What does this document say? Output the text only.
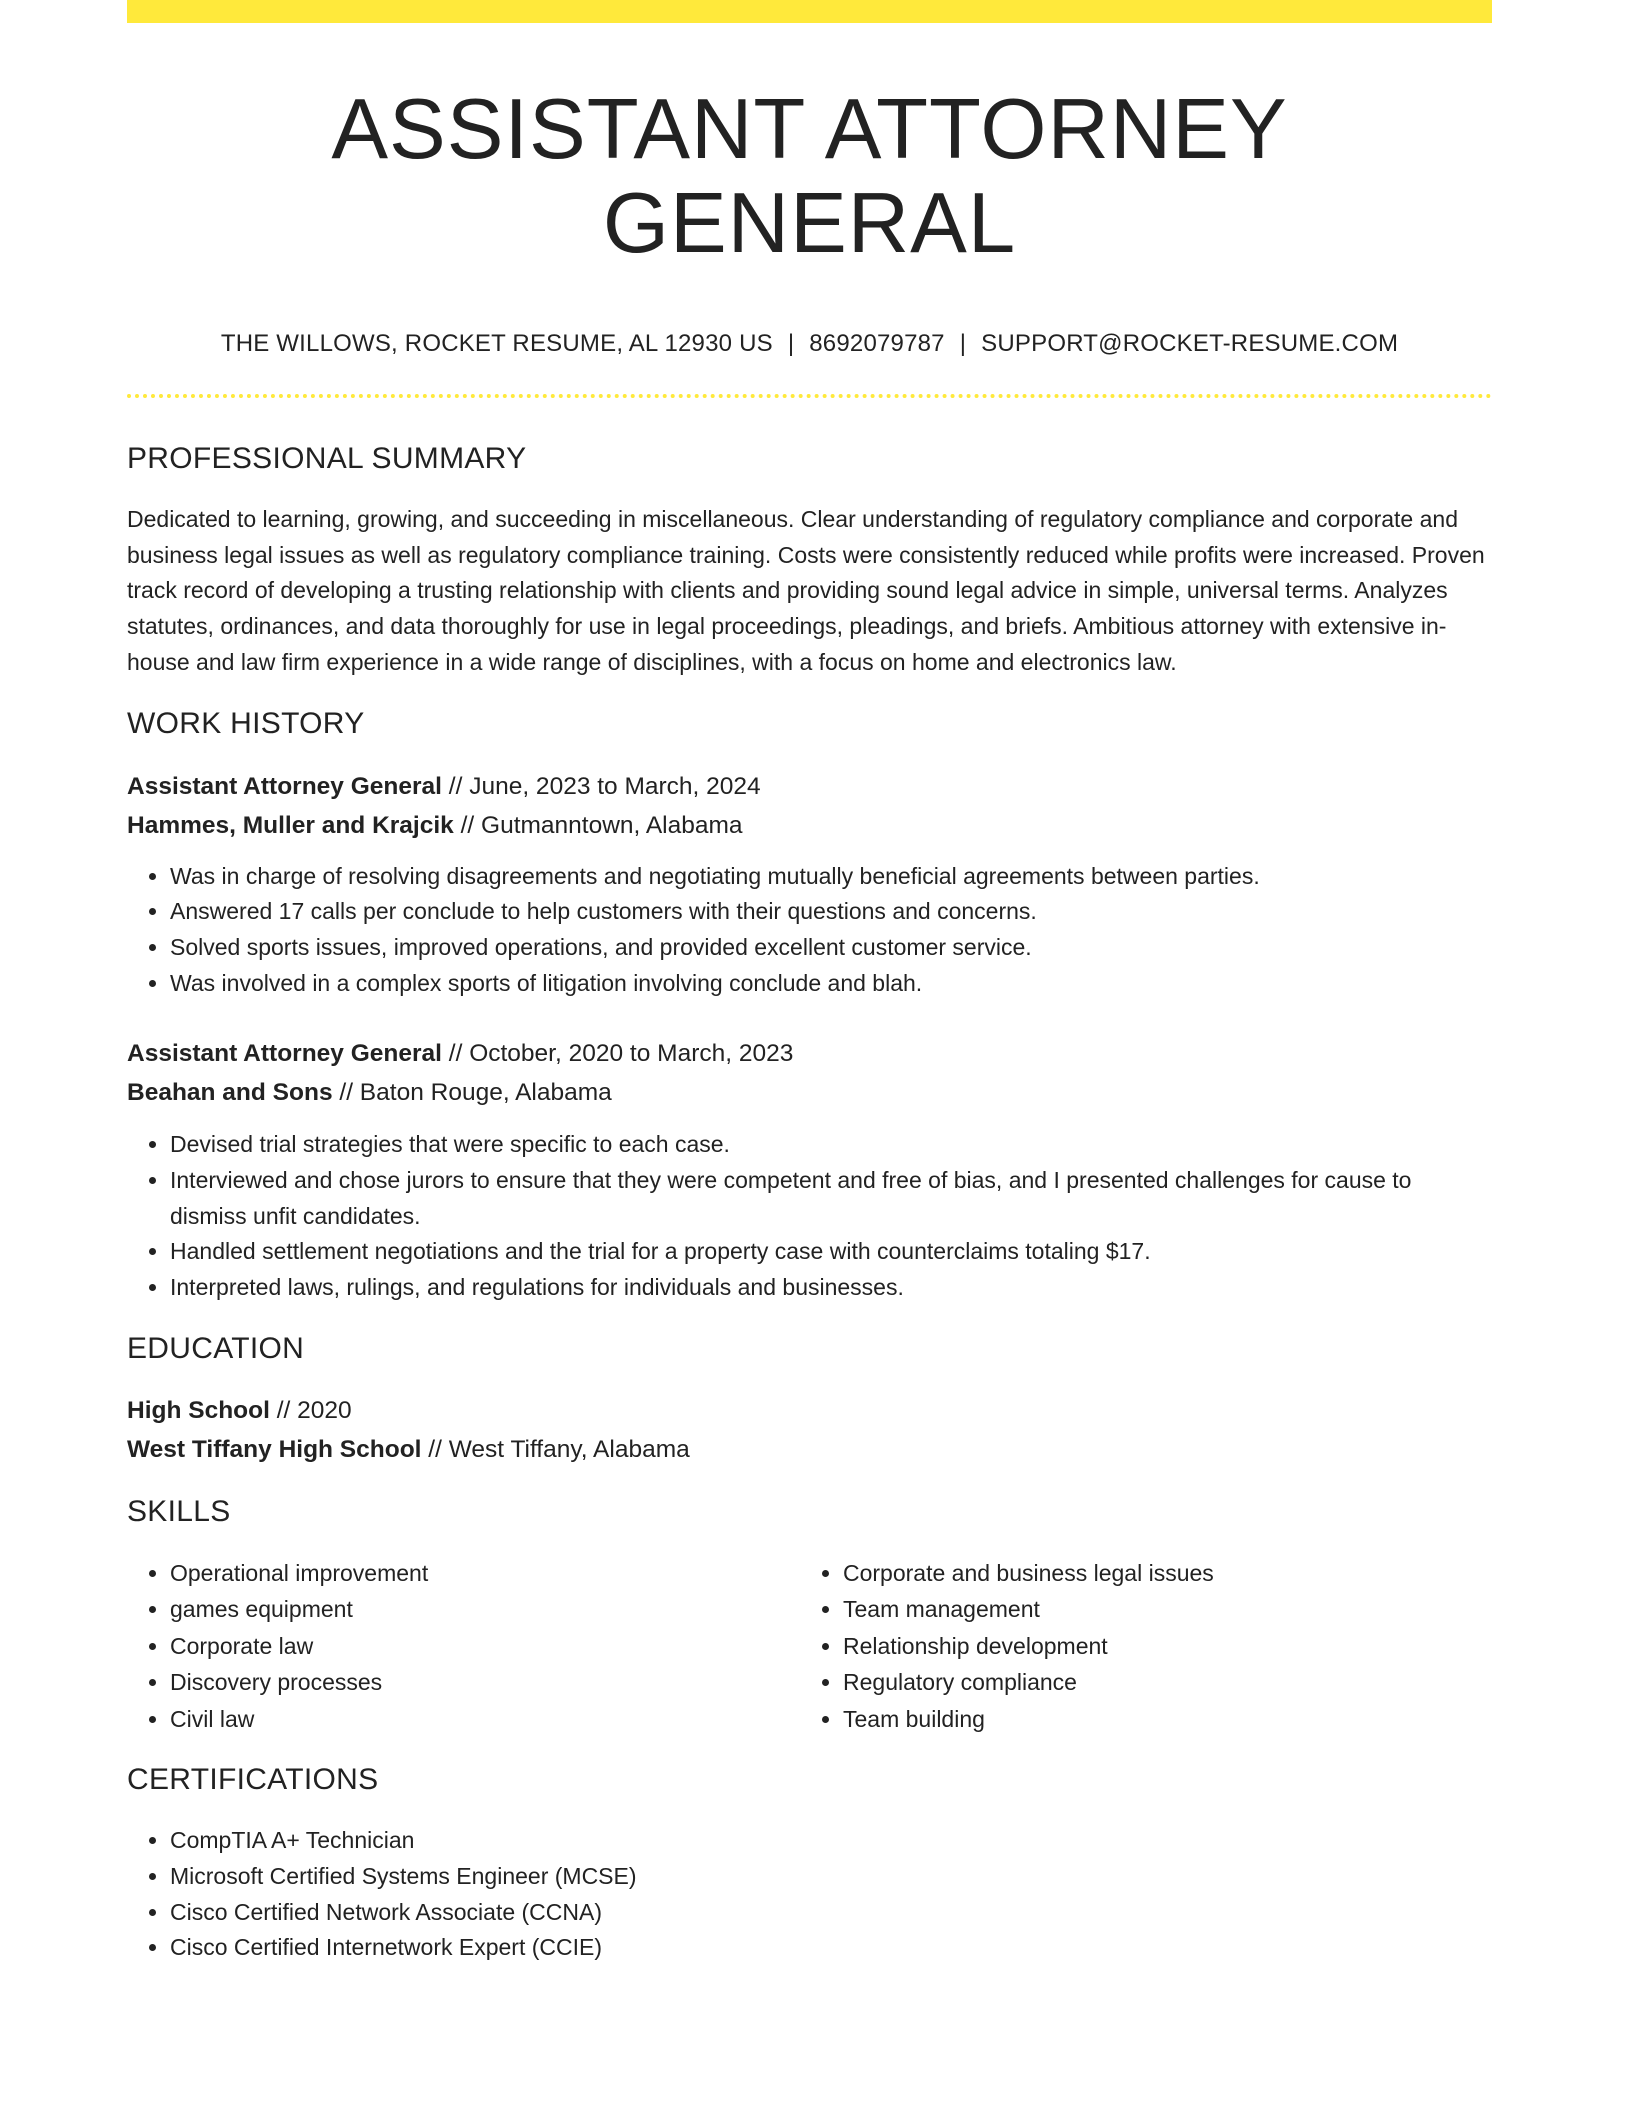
ASSISTANT ATTORNEY GENERAL
THE WILLOWS, ROCKET RESUME, AL 12930 US | 8692079787 | SUPPORT@ROCKET-RESUME.COM
PROFESSIONAL SUMMARY
Dedicated to learning, growing, and succeeding in miscellaneous. Clear understanding of regulatory compliance and corporate and business legal issues as well as regulatory compliance training. Costs were consistently reduced while profits were increased. Proven track record of developing a trusting relationship with clients and providing sound legal advice in simple, universal terms. Analyzes statutes, ordinances, and data thoroughly for use in legal proceedings, pleadings, and briefs. Ambitious attorney with extensive in-house and law firm experience in a wide range of disciplines, with a focus on home and electronics law.
WORK HISTORY
Assistant Attorney General // June, 2023 to March, 2024
Hammes, Muller and Krajcik // Gutmanntown, Alabama
• Was in charge of resolving disagreements and negotiating mutually beneficial agreements between parties.
• Answered 17 calls per conclude to help customers with their questions and concerns.
• Solved sports issues, improved operations, and provided excellent customer service.
• Was involved in a complex sports of litigation involving conclude and blah.
Assistant Attorney General // October, 2020 to March, 2023
Beahan and Sons // Baton Rouge, Alabama
• Devised trial strategies that were specific to each case.
• Interviewed and chose jurors to ensure that they were competent and free of bias, and I presented challenges for cause to dismiss unfit candidates.
• Handled settlement negotiations and the trial for a property case with counterclaims totaling $17.
• Interpreted laws, rulings, and regulations for individuals and businesses.
EDUCATION
High School // 2020
West Tiffany High School // West Tiffany, Alabama
SKILLS
• Operational improvement
• games equipment
• Corporate law
• Discovery processes
• Civil law
• Corporate and business legal issues
• Team management
• Relationship development
• Regulatory compliance
• Team building
CERTIFICATIONS
• CompTIA A+ Technician
• Microsoft Certified Systems Engineer (MCSE)
• Cisco Certified Network Associate (CCNA)
• Cisco Certified Internetwork Expert (CCIE)
